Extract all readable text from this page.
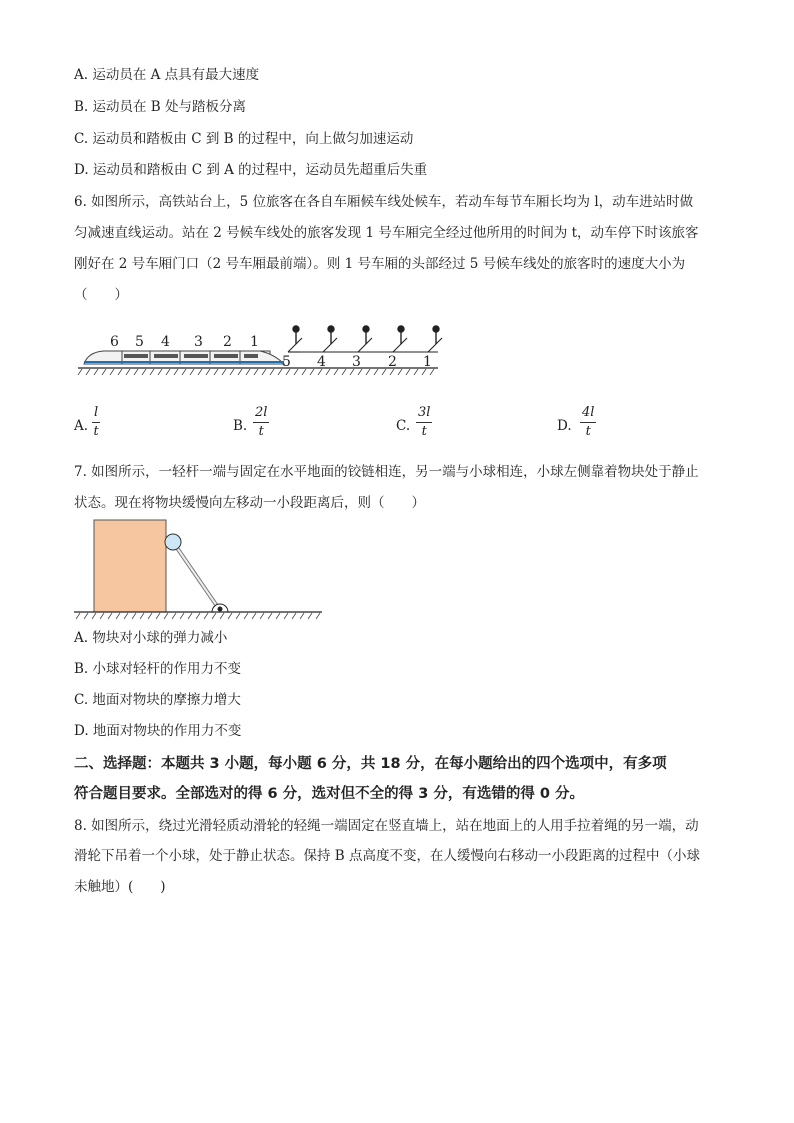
A. 运动员在 A 点具有最大速度
B. 运动员在 B 处与踏板分离
C. 运动员和踏板由 C 到 B 的过程中，向上做匀加速运动
D. 运动员和踏板由 C 到 A 的过程中，运动员先超重后失重
6. 如图所示，高铁站台上，5 位旅客在各自车厢候车线处候车，若动车每节车厢长均为 l，动车进站时做
匀减速直线运动。站在 2 号候车线处的旅客发现 1 号车厢完全经过他所用的时间为 t，动车停下时该旅客
刚好在 2 号车厢门口（2 号车厢最前端）。则 1 号车厢的头部经过 5 号候车线处的旅客时的速度大小为
（　　）
6 5 4 3 2 1
5 4 3 2 1
A.
l
t	B.
2l
t	C.
3l
t	D.
4l
t
7. 如图所示，一轻杆一端与固定在水平地面的铰链相连，另一端与小球相连，小球左侧靠着物块处于静止
状态。现在将物块缓慢向左移动一小段距离后，则（　　）
A. 物块对小球的弹力减小
B. 小球对轻杆的作用力不变
C. 地面对物块的摩擦力增大
D. 地面对物块的作用力不变
二、选择题：本题共 3 小题，每小题 6 分，共 18 分，在每小题给出的四个选项中，有多项
符合题目要求。全部选对的得 6 分，选对但不全的得 3 分，有选错的得 0 分。
8. 如图所示，绕过光滑轻质动滑轮的轻绳一端固定在竖直墙上，站在地面上的人用手拉着绳的另一端，动
滑轮下吊着一个小球，处于静止状态。保持 B 点高度不变，在人缓慢向右移动一小段距离的过程中（小球
未触地）(　　)
